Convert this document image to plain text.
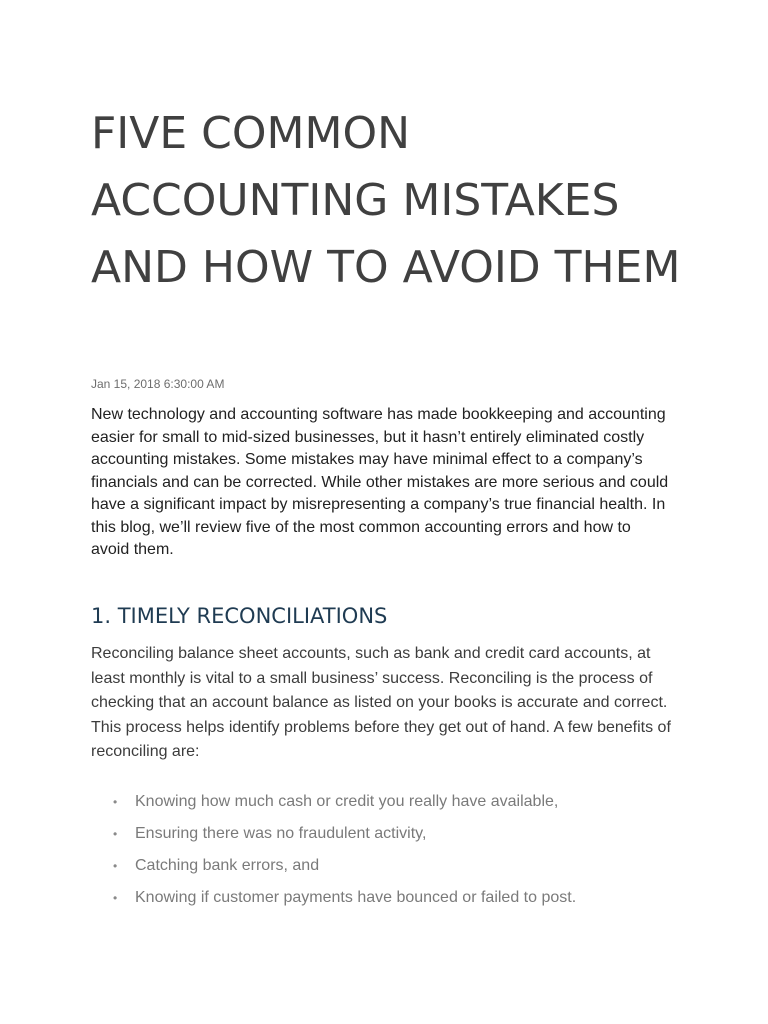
FIVE COMMON ACCOUNTING MISTAKES AND HOW TO AVOID THEM
Jan 15, 2018 6:30:00 AM

New technology and accounting software has made bookkeeping and accounting easier for small to mid-sized businesses, but it hasn’t entirely eliminated costly accounting mistakes. Some mistakes may have minimal effect to a company’s financials and can be corrected. While other mistakes are more serious and could have a significant impact by misrepresenting a company’s true financial health. In this blog, we’ll review five of the most common accounting errors and how to avoid them.

1. TIMELY RECONCILIATIONS

Reconciling balance sheet accounts, such as bank and credit card accounts, at least monthly is vital to a small business’ success. Reconciling is the process of checking that an account balance as listed on your books is accurate and correct. This process helps identify problems before they get out of hand. A few benefits of reconciling are:

• Knowing how much cash or credit you really have available,
• Ensuring there was no fraudulent activity,
• Catching bank errors, and
• Knowing if customer payments have bounced or failed to post.
